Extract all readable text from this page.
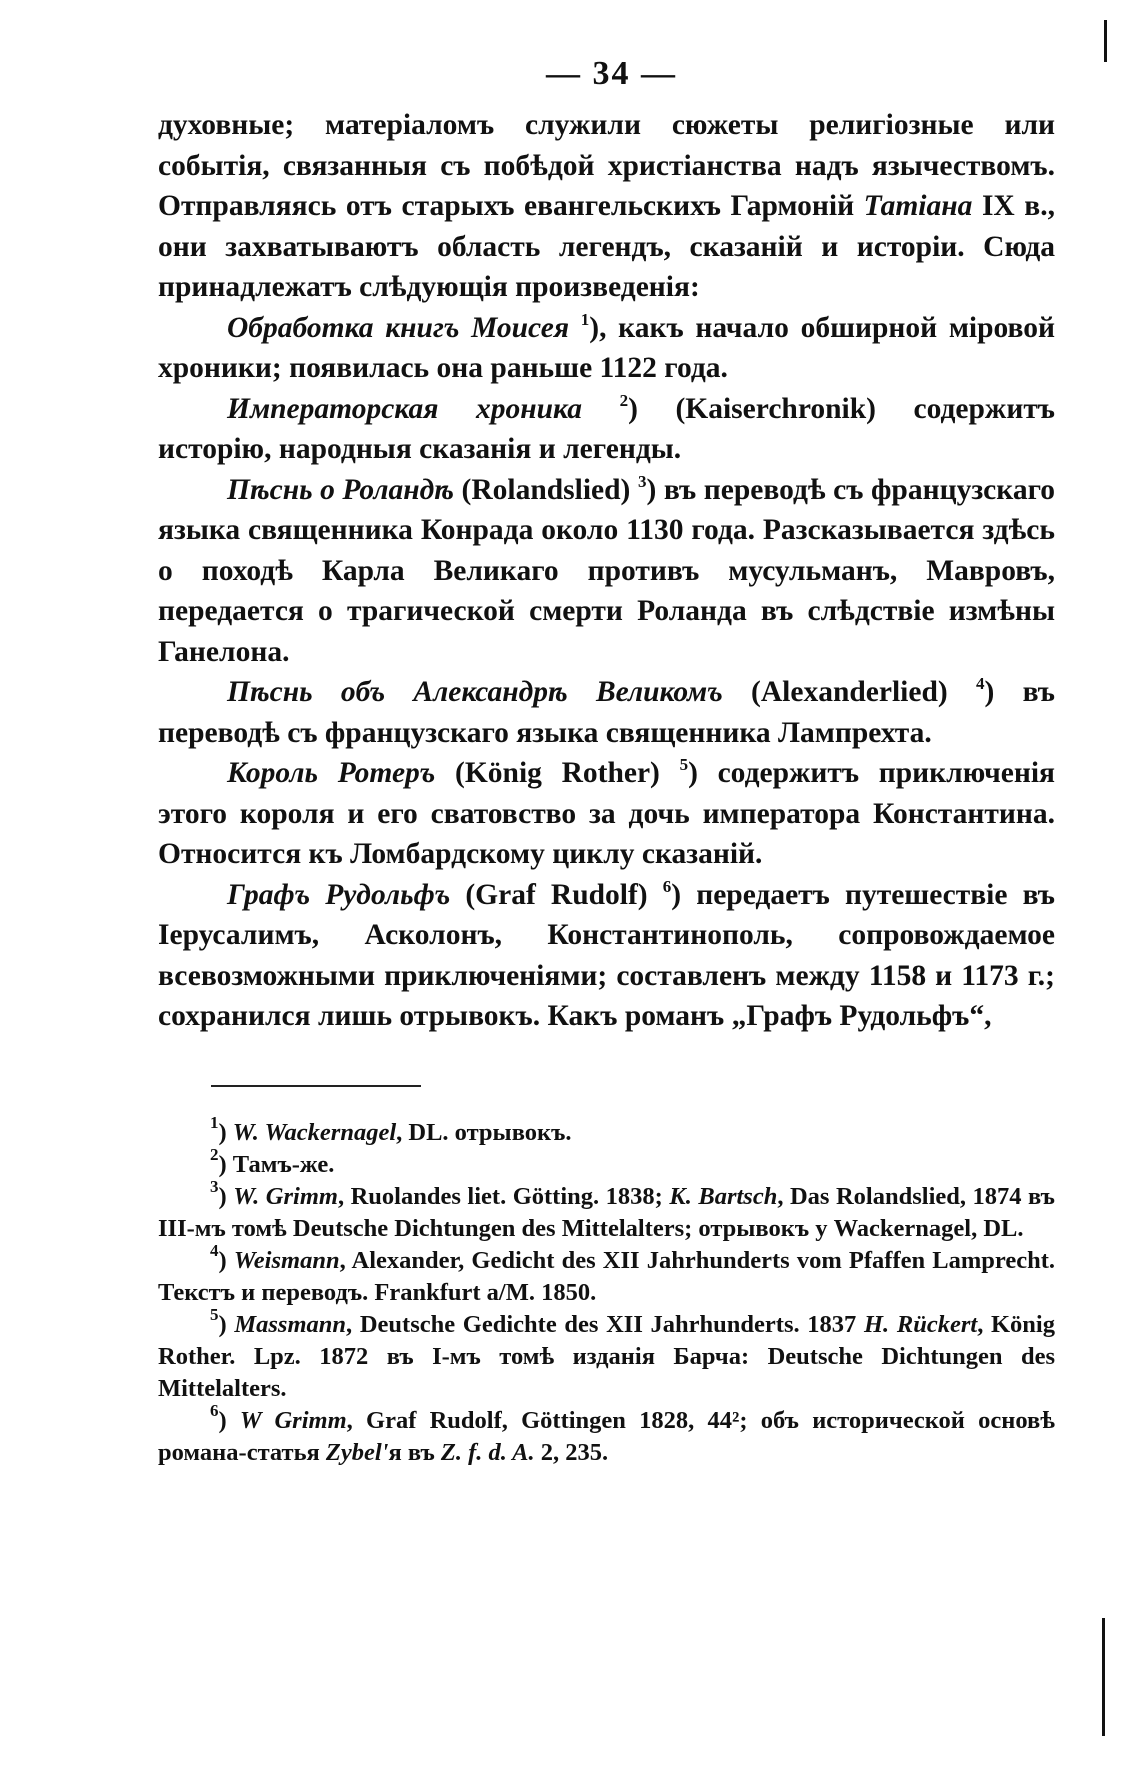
— 34 —

духовные; матеріаломъ служили сюжеты религіозные или событія, связанныя съ побѣдой христіанства надъ язычествомъ. Отправляясь отъ старыхъ евангельскихъ Гармоній Татіана IX в., они захватываютъ область легендъ, сказаній и исторіи. Сюда принадлежатъ слѣдующія произведенія:

Обработка книгъ Моисея $^1$), какъ начало обширной міровой хроники; появилась она раньше 1122 года.

Императорская хроника $^2$) (Kaiserchronik) содержитъ исторію, народныя сказанія и легенды.

Пѣснь о Роландѣ (Rolandslied) $^3$) въ переводѣ съ французскаго языка священника Конрада около 1130 года. Разсказывается здѣсь о походѣ Карла Великаго противъ мусульманъ, Мавровъ, передается о трагической смерти Роланда въ слѣдствіе измѣны Ганелона.

Пѣснь объ Александрѣ Великомъ (Alexanderlied) $^4$) въ переводѣ съ французскаго языка священника Лампрехта.

Король Ротеръ (König Rother) $^5$) содержитъ приключенія этого короля и его сватовство за дочь императора Константина. Относится къ Ломбардскому циклу сказаній.

Графъ Рудольфъ (Graf Rudolf) $^6$) передаетъ путешествіе въ Іерусалимъ, Асколонъ, Константинополь, сопровождаемое всевозможными приключеніями; составленъ между 1158 и 1173 г.; сохранился лишь отрывокъ. Какъ романъ „Графъ Рудольфъ“,

$^1$) W. Wackernagel, DL. отрывокъ.

$^2$) Тамъ-же.

$^3$) W. Grimm, Ruolandes liet. Götting. 1838; K. Bartsch, Das Rolandslied, 1874 въ III-мъ томѣ Deutsche Dichtungen des Mittelalters; отрывокъ у Wackernagel, DL.

$^4$) Weismann, Alexander, Gedicht des XII Jahrhunderts vom Pfaffen Lamprecht. Текстъ и переводъ. Frankfurt a/M. 1850.

$^5$) Massmann, Deutsche Gedichte des XII Jahrhunderts. 1837 H. Rückert, König Rother. Lpz. 1872 въ I-мъ томѣ изданія Барча: Deutsche Dichtungen des Mittelalters.

$^6$) W Grimm, Graf Rudolf, Göttingen 1828, 44²; объ исторической основѣ романа-статья Zybel'я въ Z. f. d. A. 2, 235.
